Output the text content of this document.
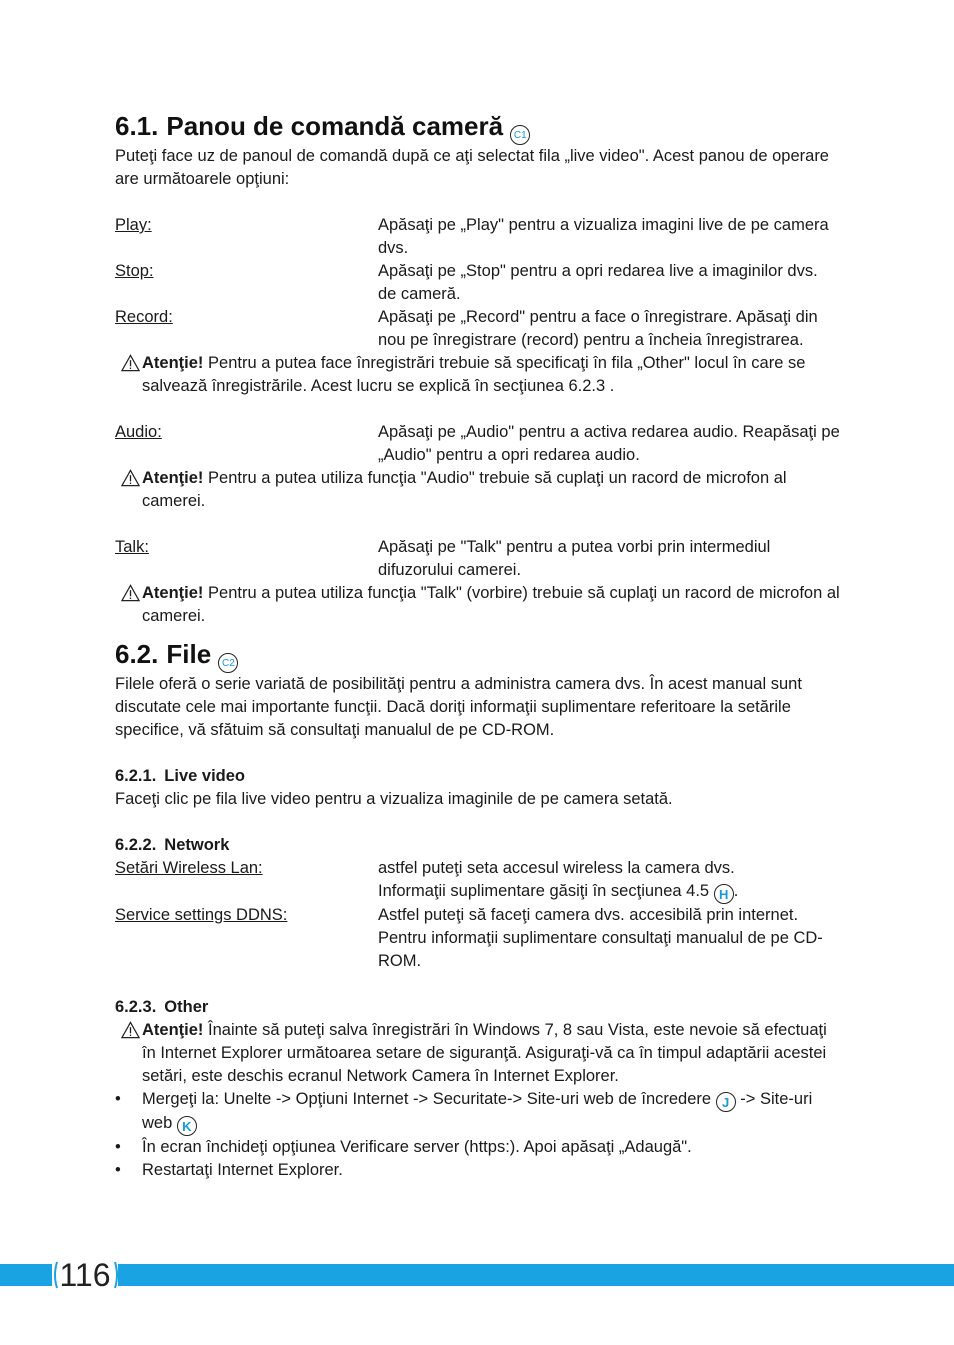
6.1. Panou de comandă cameră C1

Puteţi face uz de panoul de comandă după ce aţi selectat fila „live video". Acest panou de operare are următoarele opţiuni:

Play:	Apăsaţi pe „Play" pentru a vizualiza imagini live de pe camera dvs.
Stop:	Apăsaţi pe „Stop" pentru a opri redarea live a imaginilor dvs. de cameră.
Record:	Apăsaţi pe „Record" pentru a face o înregistrare. Apăsaţi din nou pe înregistrare (record) pentru a încheia înregistrarea.
Atenţie! Pentru a putea face înregistrări trebuie să specificaţi în fila „Other" locul în care se salvează înregistrările. Acest lucru se explică în secţiunea 6.2.3 .
Audio:	Apăsaţi pe „Audio" pentru a activa redarea audio. Reapăsaţi pe „Audio" pentru a opri redarea audio.
Atenţie! Pentru a putea utiliza funcţia "Audio" trebuie să cuplaţi un racord de microfon al camerei.
Talk:	Apăsaţi pe "Talk" pentru a putea vorbi prin intermediul difuzorului camerei.
Atenţie! Pentru a putea utiliza funcţia "Talk" (vorbire) trebuie să cuplaţi un racord de microfon al camerei.
6.2. File C2

Filele oferă o serie variată de posibilităţi pentru a administra camera dvs. În acest manual sunt discutate cele mai importante funcţii. Dacă doriţi informaţii suplimentare referitoare la setările specifice, vă sfătuim să consultaţi manualul de pe CD-ROM.

6.2.1. Live video

Faceţi clic pe fila live video pentru a vizualiza imaginile de pe camera setată.

6.2.2. Network
Setări Wireless Lan:	astfel puteţi seta accesul wireless la camera dvs.
Informaţii suplimentare găsiţi în secţiunea 4.5 H .
Service settings DDNS:	Astfel puteţi să faceţi camera dvs. accesibilă prin internet. Pentru informaţii suplimentare consultaţi manualul de pe CD-ROM.
6.2.3. Other
Atenţie! Înainte să puteţi salva înregistrări în Windows 7, 8 sau Vista, este nevoie să efectuaţi în Internet Explorer următoarea setare de siguranţă. Asiguraţi-vă ca în timpul adaptării acestei setări, este deschis ecranul Network Camera în Internet Explorer.
• Mergeţi la: Unelte -> Opţiuni Internet -> Securitate-> Site-uri web de încredere J -> Site-uri web K
• În ecran închideţi opţiunea Verificare server (https:). Apoi apăsaţi „Adaugă".
• Restartaţi Internet Explorer.
116
